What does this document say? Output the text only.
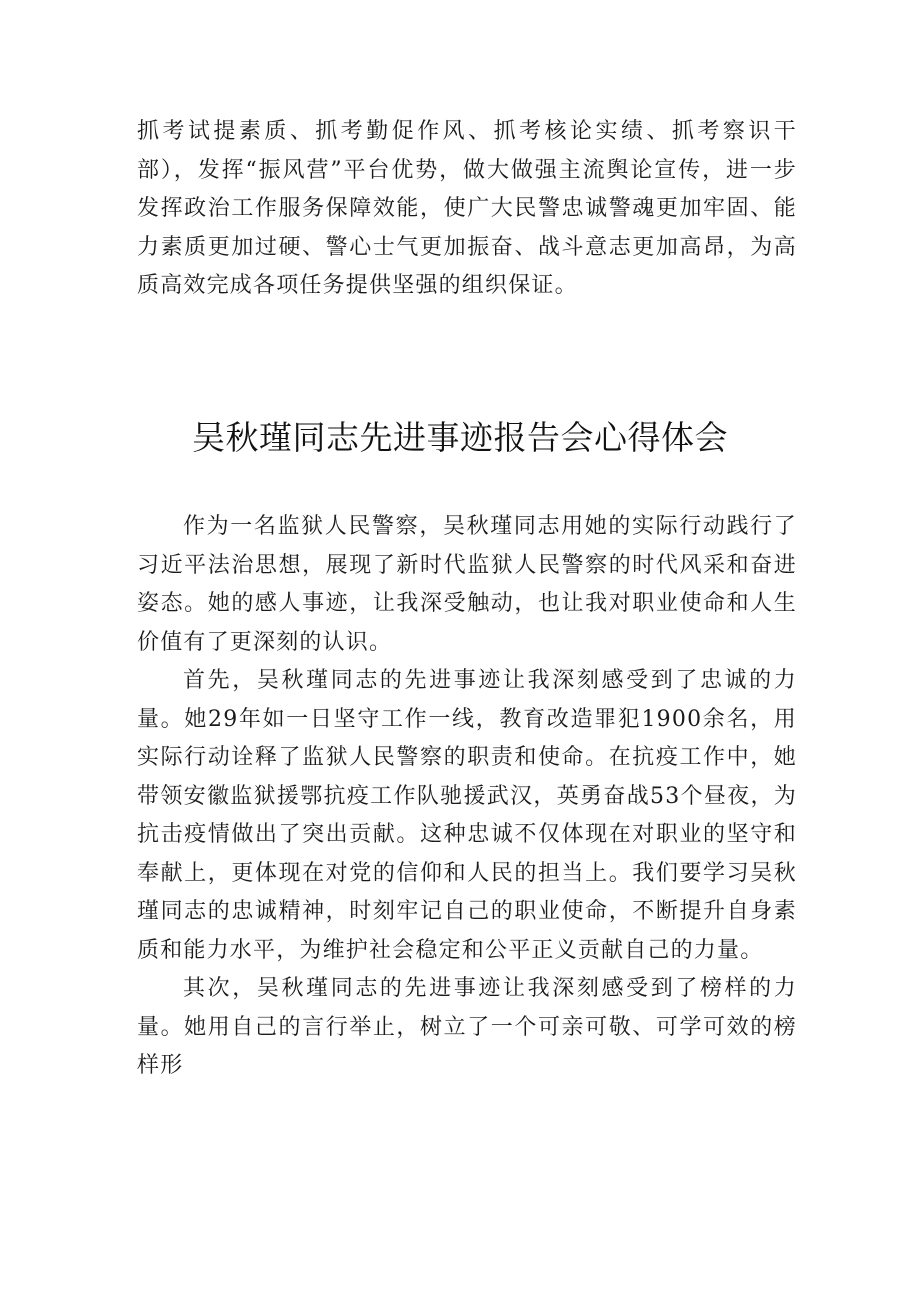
抓考试提素质、抓考勤促作风、抓考核论实绩、抓考察识干部），发挥“振风营”平台优势，做大做强主流舆论宣传，进一步发挥政治工作服务保障效能，使广大民警忠诚警魂更加牢固、能力素质更加过硬、警心士气更加振奋、战斗意志更加高昂，为高质高效完成各项任务提供坚强的组织保证。

吴秋瑾同志先进事迹报告会心得体会

作为一名监狱人民警察，吴秋瑾同志用她的实际行动践行了习近平法治思想，展现了新时代监狱人民警察的时代风采和奋进姿态。她的感人事迹，让我深受触动，也让我对职业使命和人生价值有了更深刻的认识。

首先，吴秋瑾同志的先进事迹让我深刻感受到了忠诚的力量。她29年如一日坚守工作一线，教育改造罪犯1900余名，用实际行动诠释了监狱人民警察的职责和使命。在抗疫工作中，她带领安徽监狱援鄂抗疫工作队驰援武汉，英勇奋战53个昼夜，为抗击疫情做出了突出贡献。这种忠诚不仅体现在对职业的坚守和奉献上，更体现在对党的信仰和人民的担当上。我们要学习吴秋瑾同志的忠诚精神，时刻牢记自己的职业使命，不断提升自身素质和能力水平，为维护社会稳定和公平正义贡献自己的力量。

其次，吴秋瑾同志的先进事迹让我深刻感受到了榜样的力量。她用自己的言行举止，树立了一个可亲可敬、可学可效的榜样形
